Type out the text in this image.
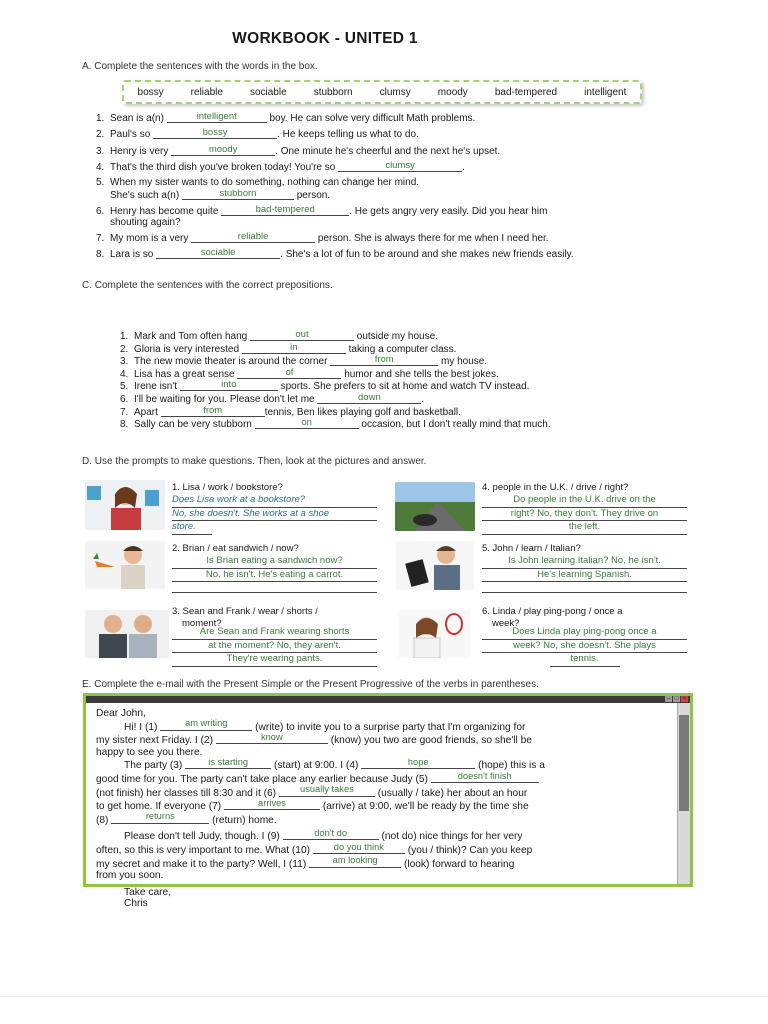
WORKBOOK - UNITED 1
A. Complete the sentences with the words in the box.
bossy	reliable	sociable	stubborn	clumsy	moody	bad-tempered	intelligent
1. Sean is a(n)	intelligent	boy. He can solve very difficult Math problems.
2. Paul's so	bossy	. He keeps telling us what to do.
3. Henry is very	moody	. One minute he's cheerful and the next he's upset.
4. That's the third dish you've broken today! You're so	clumsy	.
5. When my sister wants to do something, nothing can change her mind.
She's such a(n)	stubborn	person.
6. Henry has become quite	bad-tempered	. He gets angry very easily. Did you hear him
shouting again?
7. My mom is a very	reliable	person. She is always there for me when I need her.
8. Lara is so	sociable	. She's a lot of fun to be around and she makes new friends easily.
C. Complete the sentences with the correct prepositions.
1. Mark and Tom often hang	out	outside my house.
2. Gloria is very interested	in	taking a computer class.
3. The new movie theater is around the corner	from	my house.
4. Lisa has a great sense	of	humor and she tells the best jokes.
5. Irene isn't	into	sports. She prefers to sit at home and watch TV instead.
6. I'll be waiting for you. Please don't let me	down	.
7. Apart	from	tennis, Ben likes playing golf and basketball.
8. Sally can be very stubborn	on	occasion, but I don't really mind that much.
D. Use the prompts to make questions. Then, look at the pictures and answer.
1. Lisa / work / bookstore?
Does Lisa work at a bookstore?
No, she doesn't. She works at a shoe
store.
4. people in the U.K. / drive / right?
Do people in the U.K. drive on the
right? No, they don't. They drive on
the left.
2. Brian / eat sandwich / now?
Is Brian eating a sandwich now?
No, he isn't. He's eating a carrot.
5. John / learn / Italian?
Is John learning Italian? No, he isn't.
He's learning Spanish.
3. Sean and Frank / wear / shorts /
moment?
Are Sean and Frank wearing shorts
at the moment? No, they aren't.
They're wearing pants.
6. Linda / play ping-pong / once a
week?
Does Linda play ping-pong once a
week? No, she doesn't. She plays
tennis.
E. Complete the e-mail with the Present Simple or the Present Progressive of the verbs in parentheses.
– □ ×
Dear John,
Hi! I (1)	am writing	(write) to invite you to a surprise party that I'm organizing for
my sister next Friday. I (2)	know	(know) you two are good friends, so she'll be
happy to see you there.
The party (3)	is starting	(start) at 9:00. I (4)	hope	(hope) this is a
good time for you. The party can't take place any earlier because Judy (5)	doesn't finish
(not finish) her classes till 8:30 and it (6)	usually takes	(usually / take) her about an hour
to get home. If everyone (7)	arrives	(arrive) at 9:00, we'll be ready by the time she
(8)	returns	(return) home.
Please don't tell Judy, though. I (9)	don't do	(not do) nice things for her very
often, so this is very important to me. What (10)	do you think	(you / think)? Can you keep
my secret and make it to the party? Well, I (11)	am looking	(look) forward to hearing
from you soon.
Take care,
Chris
